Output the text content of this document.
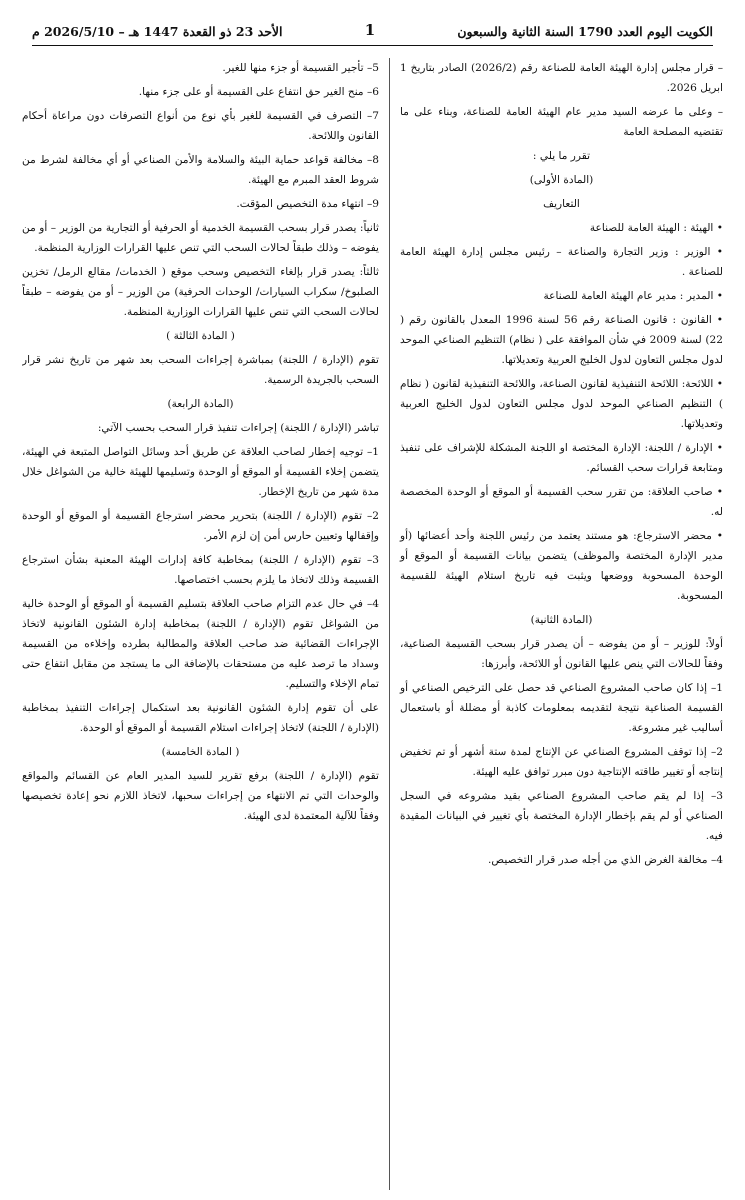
الكويت اليوم العدد 1790 السنة الثانية والسبعون
1
الأحد 23 ذو القعدة 1447 هـ – 2026/5/10 م

– قرار مجلس إدارة الهيئة العامة للصناعة رقم (2026/2) الصادر بتاريخ 1 ابريل 2026.

– وعلى ما عرضه السيد مدير عام الهيئة العامة للصناعة، وبناء على ما تقتضيه المصلحة العامة

تقرر ما يلي :

(المادة الأولى)

التعاريف

• الهيئة : الهيئة العامة للصناعة

• الوزير : وزير التجارة والصناعة – رئيس مجلس إدارة الهيئة العامة للصناعة .

• المدير : مدير عام الهيئة العامة للصناعة

• القانون : قانون الصناعة رقم 56 لسنة 1996 المعدل بالقانون رقم ( 22) لسنة 2009 في شأن الموافقة على ( نظام) التنظيم الصناعي الموحد لدول مجلس التعاون لدول الخليج العربية وتعديلاتها.

• اللائحة: اللائحة التنفيذية لقانون الصناعة، واللائحة التنفيذية لقانون ( نظام ) التنظيم الصناعي الموحد لدول مجلس التعاون لدول الخليج العربية وتعديلاتها.

• الإدارة / اللجنة: الإدارة المختصة او اللجنة المشكلة للإشراف على تنفيذ ومتابعة قرارات سحب القسائم.

• صاحب العلاقة: من تقرر سحب القسيمة أو الموقع أو الوحدة المخصصة له.

• محضر الاسترجاع: هو مستند يعتمد من رئيس اللجنة وأحد أعضائها (أو مدير الإدارة المختصة والموظف) يتضمن بيانات القسيمة أو الموقع أو الوحدة المسحوبة ووضعها ويثبت فيه تاريخ استلام الهيئة للقسيمة المسحوبة.

(المادة الثانية)

أولاً: للوزير – أو من يفوضه – أن يصدر قرار بسحب القسيمة الصناعية، وفقاً للحالات التي ينص عليها القانون أو اللائحة، وأبرزها:

1– إذا كان صاحب المشروع الصناعي قد حصل على الترخيص الصناعي أو القسيمة الصناعية نتيجة لتقديمه بمعلومات كاذبة أو مضللة أو باستعمال أساليب غير مشروعة.

2– إذا توقف المشروع الصناعي عن الإنتاج لمدة ستة أشهر أو تم تخفيض إنتاجه أو تغيير طاقته الإنتاجية دون مبرر توافق عليه الهيئة.

3– إذا لم يقم صاحب المشروع الصناعي بقيد مشروعه في السجل الصناعي أو لم يقم بإخطار الإدارة المختصة بأي تغيير في البيانات المقيدة فيه.

4– مخالفة الغرض الذي من أجله صدر قرار التخصيص.

5– تأجير القسيمة أو جزء منها للغير.

6– منح الغير حق انتفاع على القسيمة أو على جزء منها.

7– التصرف في القسيمة للغير بأي نوع من أنواع التصرفات دون مراعاة أحكام القانون واللائحة.

8– مخالفة قواعد حماية البيئة والسلامة والأمن الصناعي أو أي مخالفة لشرط من شروط العقد المبرم مع الهيئة.

9– انتهاء مدة التخصيص المؤقت.

ثانياً: يصدر قرار بسحب القسيمة الخدمية أو الحرفية أو التجارية من الوزير – أو من يفوضه – وذلك طبقاً لحالات السحب التي تنص عليها القرارات الوزارية المنظمة.

ثالثاً: يصدر قرار بإلغاء التخصيص وسحب موقع ( الخدمات/ مقالع الرمل/ تخزين الصلبوخ/ سكراب السيارات/ الوحدات الحرفية) من الوزير – أو من يفوضه – طبقاً لحالات السحب التي تنص عليها القرارات الوزارية المنظمة.

( المادة الثالثة )

تقوم (الإدارة / اللجنة) بمباشرة إجراءات السحب بعد شهر من تاريخ نشر قرار السحب بالجريدة الرسمية.

(المادة الرابعة)

تباشر (الإدارة / اللجنة) إجراءات تنفيذ قرار السحب بحسب الآتي:

1– توجيه إخطار لصاحب العلاقة عن طريق أحد وسائل التواصل المتبعة في الهيئة، يتضمن إخلاء القسيمة أو الموقع أو الوحدة وتسليمها للهيئة خالية من الشواغل خلال مدة شهر من تاريخ الإخطار.

2– تقوم (الإدارة / اللجنة) بتحرير محضر استرجاع القسيمة أو الموقع أو الوحدة وإقفالها وتعيين حارس أمن إن لزم الأمر.

3– تقوم (الإدارة / اللجنة) بمخاطبة كافة إدارات الهيئة المعنية بشأن استرجاع القسيمة وذلك لاتخاذ ما يلزم بحسب اختصاصها.

4– في حال عدم التزام صاحب العلاقة بتسليم القسيمة أو الموقع أو الوحدة خالية من الشواغل تقوم (الإدارة / اللجنة) بمخاطبة إدارة الشئون القانونية لاتخاذ الإجراءات القضائية ضد صاحب العلاقة والمطالبة بطرده وإخلاءه من القسيمة وسداد ما ترصد عليه من مستحقات بالإضافة الى ما يستجد من مقابل انتفاع حتى تمام الإخلاء والتسليم.

على أن تقوم إدارة الشئون القانونية بعد استكمال إجراءات التنفيذ بمخاطبة (الإدارة / اللجنة) لاتخاذ إجراءات استلام القسيمة أو الموقع أو الوحدة.

( المادة الخامسة)

تقوم (الإدارة / اللجنة) برفع تقرير للسيد المدير العام عن القسائم والمواقع والوحدات التي تم الانتهاء من إجراءات سحبها، لاتخاذ اللازم نحو إعادة تخصيصها وفقاً للآلية المعتمدة لدى الهيئة.
